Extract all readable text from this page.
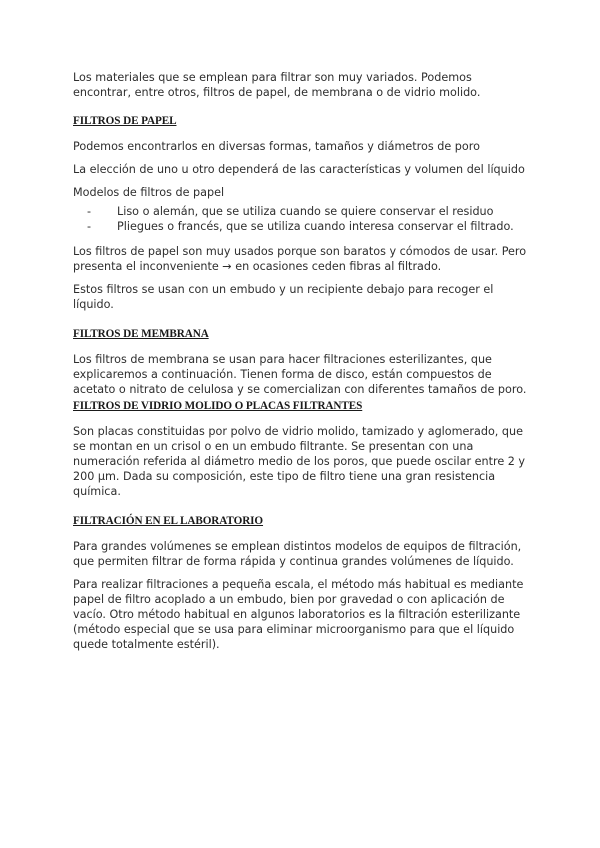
Los materiales que se emplean para filtrar son muy variados. Podemos encontrar, entre otros, filtros de papel, de membrana o de vidrio molido.

FILTROS DE PAPEL

Podemos encontrarlos en diversas formas, tamaños y diámetros de poro

La elección de uno u otro dependerá de las características y volumen del líquido

Modelos de filtros de papel

- Liso o alemán, que se utiliza cuando se quiere conservar el residuo
- Pliegues o francés, que se utiliza cuando interesa conservar el filtrado.

Los filtros de papel son muy usados porque son baratos y cómodos de usar. Pero presenta el inconveniente → en ocasiones ceden fibras al filtrado.

Estos filtros se usan con un embudo y un recipiente debajo para recoger el líquido.

FILTROS DE MEMBRANA

Los filtros de membrana se usan para hacer filtraciones esterilizantes, que explicaremos a continuación. Tienen forma de disco, están compuestos de acetato o nitrato de celulosa y se comercializan con diferentes tamaños de poro.

FILTROS DE VIDRIO MOLIDO O PLACAS FILTRANTES

Son placas constituidas por polvo de vidrio molido, tamizado y aglomerado, que se montan en un crisol o en un embudo filtrante. Se presentan con una numeración referida al diámetro medio de los poros, que puede oscilar entre 2 y 200 µm. Dada su composición, este tipo de filtro tiene una gran resistencia química.

FILTRACIÓN EN EL LABORATORIO

Para grandes volúmenes se emplean distintos modelos de equipos de filtración, que permiten filtrar de forma rápida y continua grandes volúmenes de líquido.

Para realizar filtraciones a pequeña escala, el método más habitual es mediante papel de filtro acoplado a un embudo, bien por gravedad o con aplicación de vacío. Otro método habitual en algunos laboratorios es la filtración esterilizante (método especial que se usa para eliminar microorganismo para que el líquido quede totalmente estéril).
